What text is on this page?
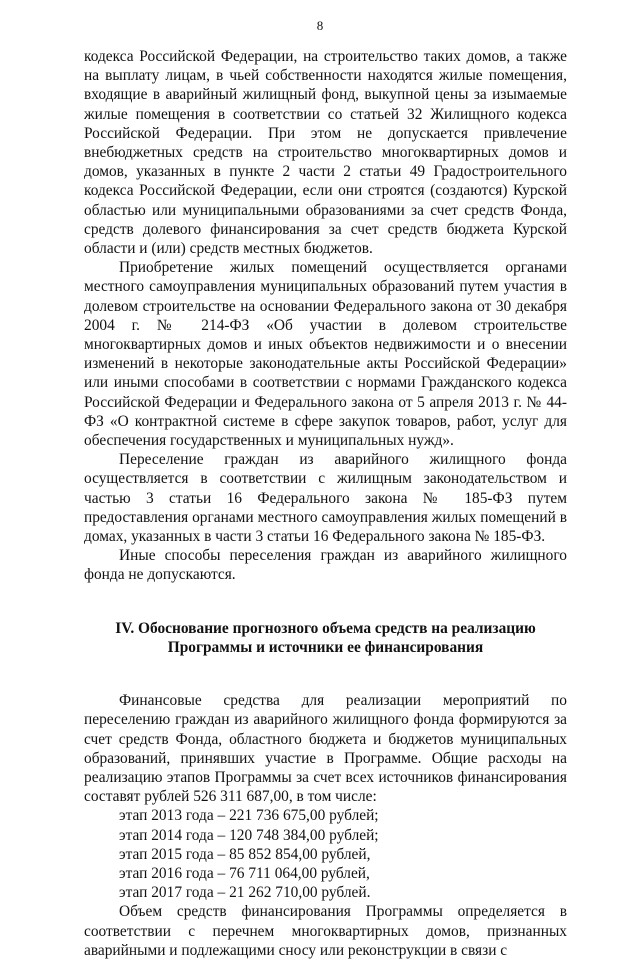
8

кодекса Российской Федерации, на строительство таких домов, а также на выплату лицам, в чьей собственности находятся жилые помещения, входящие в аварийный жилищный фонд, выкупной цены за изымаемые жилые помещения в соответствии со статьей 32 Жилищного кодекса Российской Федерации. При этом не допускается привлечение внебюджетных средств на строительство многоквартирных домов и домов, указанных в пункте 2 части 2 статьи 49 Градостроительного кодекса Российской Федерации, если они строятся (создаются) Курской областью или муниципальными образованиями за счет средств Фонда, средств долевого финансирования за счет средств бюджета Курской области и (или) средств местных бюджетов.

Приобретение жилых помещений осуществляется органами местного самоуправления муниципальных образований путем участия в долевом строительстве на основании Федерального закона от 30 декабря 2004 г. № 214-ФЗ «Об участии в долевом строительстве многоквартирных домов и иных объектов недвижимости и о внесении изменений в некоторые законодательные акты Российской Федерации» или иными способами в соответствии с нормами Гражданского кодекса Российской Федерации и Федерального закона от 5 апреля 2013 г. № 44-ФЗ «О контрактной системе в сфере закупок товаров, работ, услуг для обеспечения государственных и муниципальных нужд».

Переселение граждан из аварийного жилищного фонда осуществляется в соответствии с жилищным законодательством и частью 3 статьи 16 Федерального закона № 185-ФЗ путем предоставления органами местного самоуправления жилых помещений в домах, указанных в части 3 статьи 16 Федерального закона № 185-ФЗ.

Иные способы переселения граждан из аварийного жилищного фонда не допускаются.

IV. Обоснование прогнозного объема средств на реализацию
Программы и источники ее финансирования

Финансовые средства для реализации мероприятий по переселению граждан из аварийного жилищного фонда формируются за счет средств Фонда, областного бюджета и бюджетов муниципальных образований, принявших участие в Программе. Общие расходы на реализацию этапов Программы за счет всех источников финансирования составят рублей 526 311 687,00, в том числе:

этап 2013 года – 221 736 675,00 рублей;
этап 2014 года – 120 748 384,00 рублей;
этап 2015 года – 85 852 854,00 рублей,
этап 2016 года – 76 711 064,00 рублей,
этап 2017 года – 21 262 710,00 рублей.

Объем средств финансирования Программы определяется в соответствии с перечнем многоквартирных домов, признанных аварийными и подлежащими сносу или реконструкции в связи с
